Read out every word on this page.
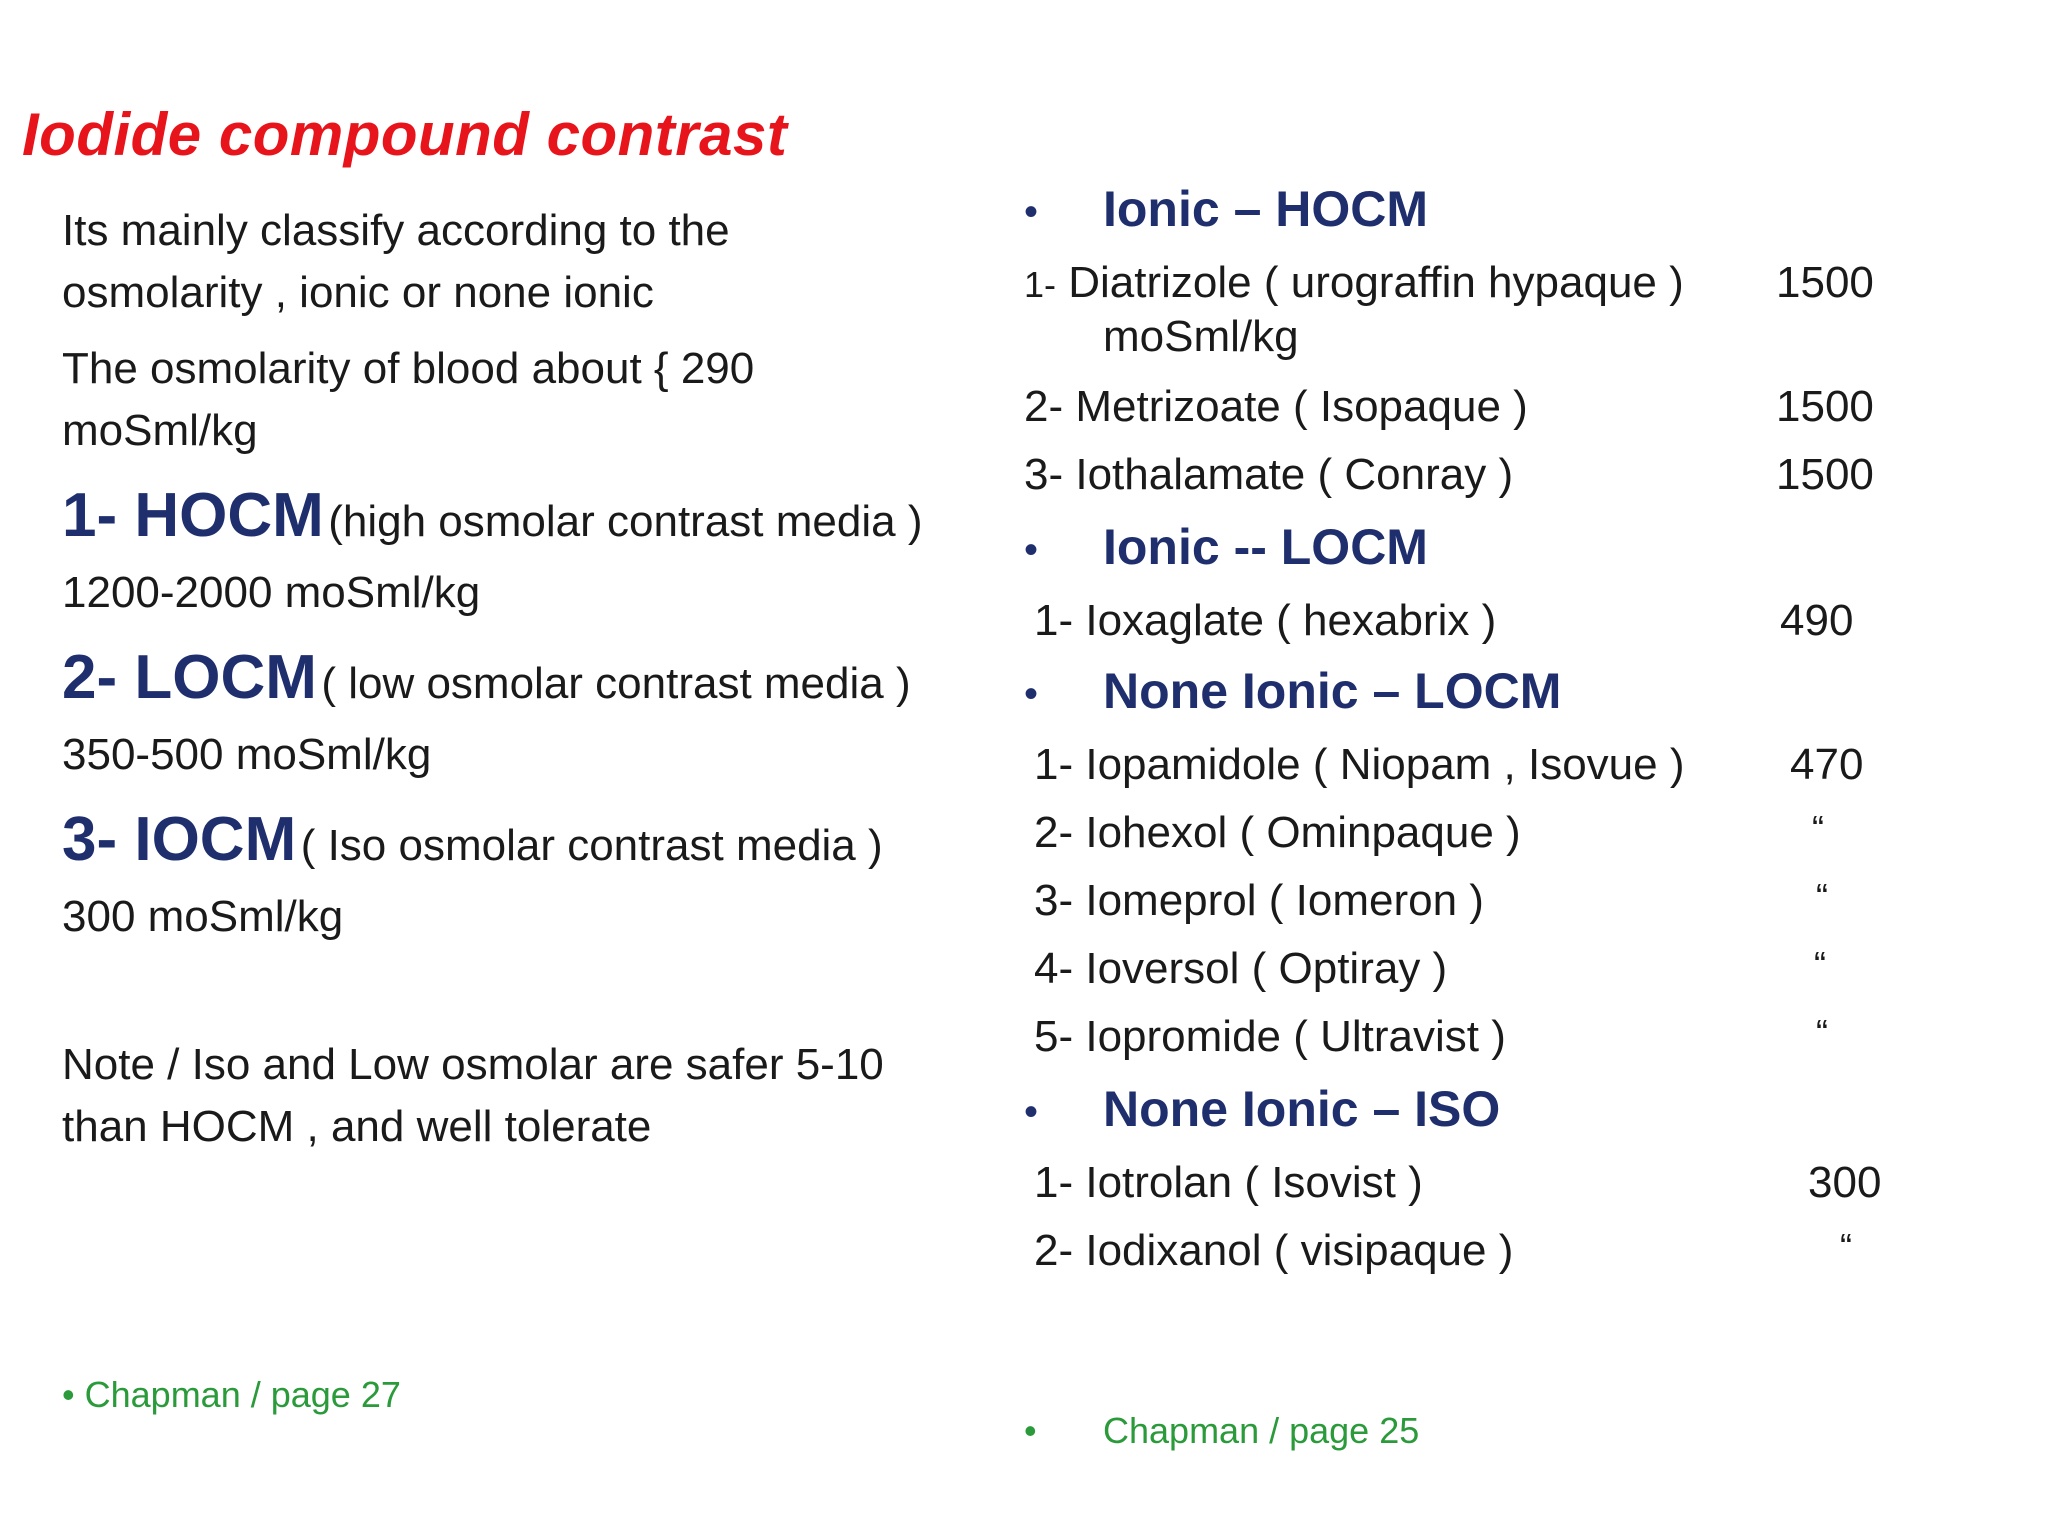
Iodide compound contrast
Its mainly classify according to the
osmolarity , ionic or none ionic
The osmolarity of blood about { 290
moSml/kg
1- HOCM (high osmolar contrast media )
1200-2000 moSml/kg
2- LOCM ( low osmolar contrast media )
350-500 moSml/kg
3- IOCM ( Iso osmolar contrast media )
300 moSml/kg
Note / Iso and Low osmolar are safer 5-10
than HOCM , and well tolerate
• Chapman / page 27
• Ionic – HOCM
1- Diatrizole ( urograffin hypaque ) 1500
moSml/kg
2- Metrizoate ( Isopaque )	1500
3- Iothalamate ( Conray )	1500
• Ionic -- LOCM
1- Ioxaglate ( hexabrix )	490
• None Ionic – LOCM
1- Iopamidole ( Niopam , Isovue ) 470
2- Iohexol ( Ominpaque )	“
3- Iomeprol ( Iomeron )	“
4- Ioversol ( Optiray )	“
5- Iopromide ( Ultravist )	“
• None Ionic – ISO
1- Iotrolan ( Isovist )	300
2- Iodixanol ( visipaque )	“
• Chapman / page 25
